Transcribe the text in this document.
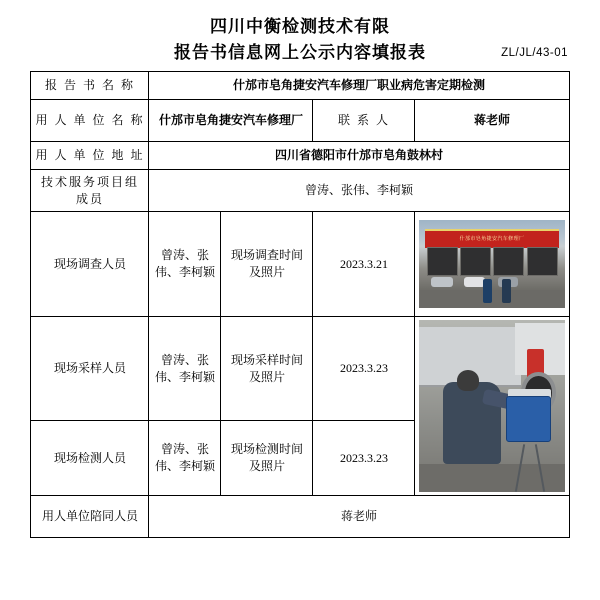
四川中衡检测技术有限
报告书信息网上公示内容填报表	ZL/JL/43-01
报 告 书 名 称	什邡市皂角捷安汽车修理厂职业病危害定期检测			
用 人 单 位 名 称	什邡市皂角捷安汽车修理厂		联 系 人	蒋老师
用 人 单 位 地 址	四川省德阳市什邡市皂角鼓林村			
技术服务项目组成员	曾涛、张伟、李柯颖			
现场调查人员	曾涛、张伟、李柯颖	现场调查时间及照片	2023.3.21	什邡市皂角捷安汽车修理厂

现场采样人员	曾涛、张伟、李柯颖	现场采样时间及照片	2023.3.23	

现场检测人员	曾涛、张伟、李柯颖	现场检测时间及照片	2023.3.23	
用人单位陪同人员	蒋老师			
